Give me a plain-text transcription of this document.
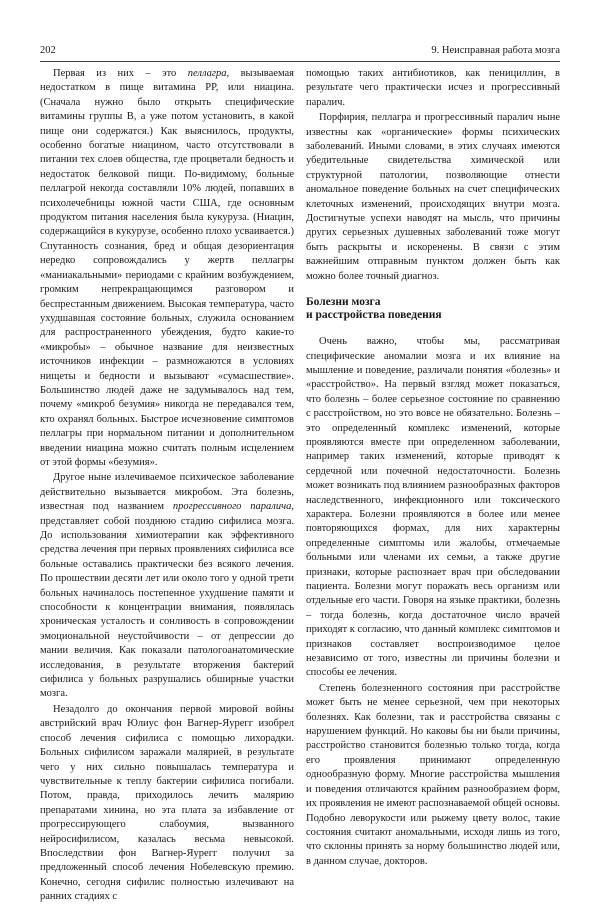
202	9. Неисправная работа мозга

Первая из них – это пеллагра, вызываемая недостатком в пище витамина PP, или ниацина. (Сначала нужно было открыть специфические витамины группы B, а уже потом установить, в какой пище они содержатся.) Как выяснилось, продукты, особенно богатые ниацином, часто отсутствовали в питании тех слоев общества, где процветали бедность и недостаток белковой пищи. По-видимому, больные пеллагрой некогда составляли 10% людей, попавших в психолечебницы южной части США, где основным продуктом питания населения была кукуруза. (Ниацин, содержащийся в кукурузе, особенно плохо усваивается.) Спутанность сознания, бред и общая дезориентация нередко сопровождались у жертв пеллагры «маниакальными» периодами с крайним возбуждением, громким непрекращающимся разговором и беспрестанным движением. Высокая температура, часто ухудшавшая состояние больных, служила основанием для распространенного убеждения, будто какие-то «микробы» – обычное название для неизвестных источников инфекции – размножаются в условиях нищеты и бедности и вызывают «сумасшествие». Большинство людей даже не задумывалось над тем, почему «микроб безумия» никогда не передавался тем, кто охранял больных. Быстрое исчезновение симптомов пеллагры при нормальном питании и дополнительном введении ниацина можно считать полным исцелением от этой формы «безумия».

Другое ныне излечиваемое психическое заболевание действительно вызывается микробом. Эта болезнь, известная под названием прогрессивного паралича, представляет собой позднюю стадию сифилиса мозга. До использования химиотерапии как эффективного средства лечения при первых проявлениях сифилиса все больные оставались практически без всякого лечения. По прошествии десяти лет или около того у одной трети больных начиналось постепенное ухудшение памяти и способности к концентрации внимания, появлялась хроническая усталость и сонливость в сопровождении эмоциональной неустойчивости – от депрессии до мании величия. Как показали патологоанатомические исследования, в результате вторжения бактерий сифилиса у больных разрушались обширные участки мозга.

Незадолго до окончания первой мировой войны австрийский врач Юлиус фон Вагнер-Яурегг изобрел способ лечения сифилиса с помощью лихорадки. Больных сифилисом заражали малярией, в результате чего у них сильно повышалась температура и чувствительные к теплу бактерии сифилиса погибали. Потом, правда, приходилось лечить малярию препаратами хинина, но эта плата за избавление от прогрессирующего слабоумия, вызванного нейросифилисом, казалась весьма невысокой. Впоследствии фон Вагнер-Яурегг получил за предложенный способ лечения Нобелевскую премию. Конечно, сегодня сифилис полностью излечивают на ранних стадиях с

помощью таких антибиотиков, как пенициллин, в результате чего практически исчез и прогрессивный паралич.

Порфирия, пеллагра и прогрессивный паралич ныне известны как «органические» формы психических заболеваний. Иными словами, в этих случаях имеются убедительные свидетельства химической или структурной патологии, позволяющие отнести аномальное поведение больных на счет специфических клеточных изменений, происходящих внутри мозга. Достигнутые успехи наводят на мысль, что причины других серьезных душевных заболеваний тоже могут быть раскрыты и искоренены. В связи с этим важнейшим отправным пунктом должен быть как можно более точный диагноз.

Болезни мозга
и расстройства поведения

Очень важно, чтобы мы, рассматривая специфические аномалии мозга и их влияние на мышление и поведение, различали понятия «болезнь» и «расстройство». На первый взгляд может показаться, что болезнь – более серьезное состояние по сравнению с расстройством, но это вовсе не обязательно. Болезнь – это определенный комплекс изменений, которые проявляются вместе при определенном заболевании, например таких изменений, которые приводят к сердечной или почечной недостаточности. Болезнь может возникать под влиянием разнообразных факторов наследственного, инфекционного или токсического характера. Болезни проявляются в более или менее повторяющихся формах, для них характерны определенные симптомы или жалобы, отмечаемые больными или членами их семьи, а также другие признаки, которые распознает врач при обследовании пациента. Болезни могут поражать весь организм или отдельные его части. Говоря на языке практики, болезнь – тогда болезнь, когда достаточное число врачей приходят к согласию, что данный комплекс симптомов и признаков составляет воспроизводимое целое независимо от того, известны ли причины болезни и способы ее лечения.

Степень болезненного состояния при расстройстве может быть не менее серьезной, чем при некоторых болезнях. Как болезни, так и расстройства связаны с нарушением функций. Но каковы бы ни были причины, расстройство становится болезнью только тогда, когда его проявления принимают определенную однообразную форму. Многие расстройства мышления и поведения отличаются крайним разнообразием форм, их проявления не имеют распознаваемой общей основы. Подобно леворукости или рыжему цвету волос, такие состояния считают аномальными, исходя лишь из того, что склонны принять за норму большинство людей или, в данном случае, докторов.
